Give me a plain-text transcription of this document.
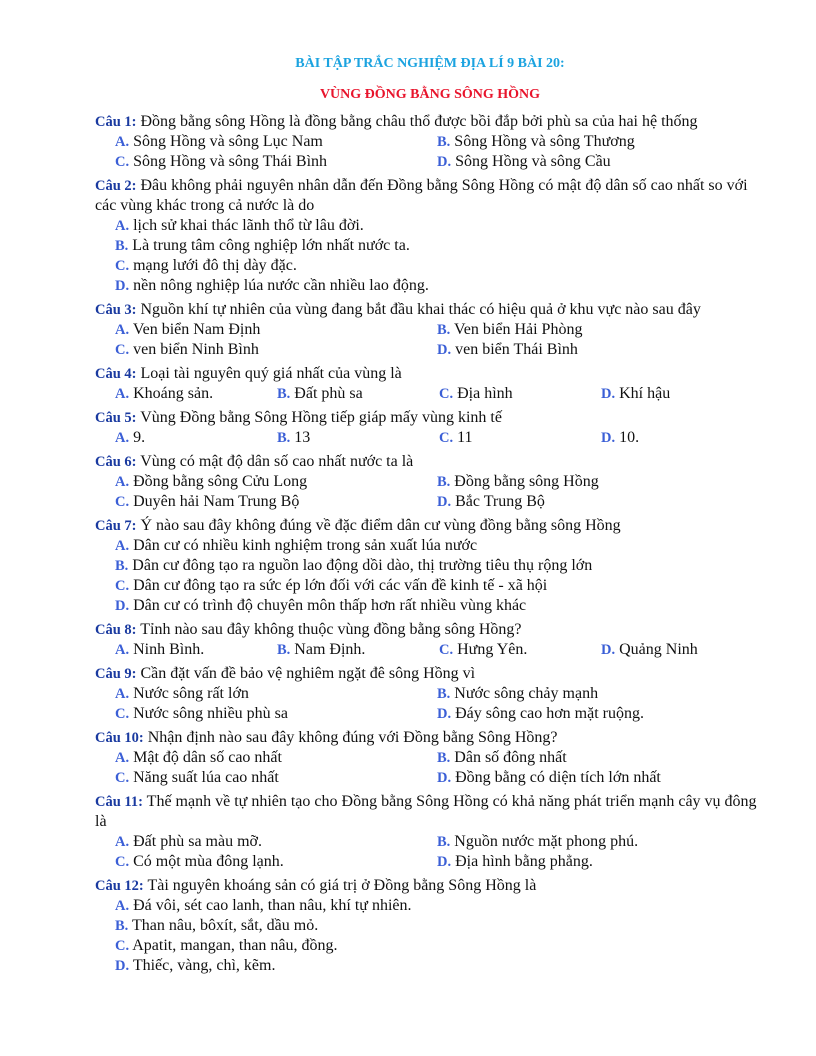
BÀI TẬP TRẮC NGHIỆM ĐỊA LÍ 9 BÀI 20:
VÙNG ĐỒNG BẰNG SÔNG HỒNG
Câu 1: Đồng bằng sông Hồng là đồng bằng châu thổ được bồi đắp bởi phù sa của hai hệ thống
A. Sông Hồng và sông Lục Nam	B. Sông Hồng và sông Thương
C. Sông Hồng và sông Thái Bình	D. Sông Hồng và sông Cầu
Câu 2: Đâu không phải nguyên nhân dẫn đến Đồng bằng Sông Hồng có mật độ dân số cao nhất so với các vùng khác trong cả nước là do
A. lịch sử khai thác lãnh thổ từ lâu đời.
B. Là trung tâm công nghiệp lớn nhất nước ta.
C. mạng lưới đô thị dày đặc.
D. nền nông nghiệp lúa nước cần nhiều lao động.
Câu 3: Nguồn khí tự nhiên của vùng đang bắt đầu khai thác có hiệu quả ở khu vực nào sau đây
A. Ven biển Nam Định	B. Ven biển Hải Phòng
C. ven biển Ninh Bình	D. ven biển Thái Bình
Câu 4: Loại tài nguyên quý giá nhất của vùng là
A. Khoáng sản.	B. Đất phù sa	C. Địa hình	D. Khí hậu
Câu 5: Vùng Đồng bằng Sông Hồng tiếp giáp mấy vùng kinh tế
A. 9.	B. 13	C. 11	D. 10.
Câu 6: Vùng có mật độ dân số cao nhất nước ta là
A. Đồng bằng sông Cửu Long	B. Đồng bằng sông Hồng
C. Duyên hải Nam Trung Bộ	D. Bắc Trung Bộ
Câu 7: Ý nào sau đây không đúng về đặc điểm dân cư vùng đồng bằng sông Hồng
A. Dân cư có nhiều kinh nghiệm trong sản xuất lúa nước
B. Dân cư đông tạo ra nguồn lao động dồi dào, thị trường tiêu thụ rộng lớn
C. Dân cư đông tạo ra sức ép lớn đối với các vấn đề kinh tế - xã hội
D. Dân cư có trình độ chuyên môn thấp hơn rất nhiều vùng khác
Câu 8: Tỉnh nào sau đây không thuộc vùng đồng bằng sông Hồng?
A. Ninh Bình.	B. Nam Định.	C. Hưng Yên.	D. Quảng Ninh
Câu 9: Cần đặt vấn đề bảo vệ nghiêm ngặt đê sông Hồng vì
A. Nước sông rất lớn	B. Nước sông chảy mạnh
C. Nước sông nhiều phù sa	D. Đáy sông cao hơn mặt ruộng.
Câu 10: Nhận định nào sau đây không đúng với Đồng bằng Sông Hồng?
A. Mật độ dân số cao nhất	B. Dân số đông nhất
C. Năng suất lúa cao nhất	D. Đồng bằng có diện tích lớn nhất
Câu 11: Thế mạnh về tự nhiên tạo cho Đồng bằng Sông Hồng có khả năng phát triển mạnh cây vụ đông là
A. Đất phù sa màu mỡ.	B. Nguồn nước mặt phong phú.
C. Có một mùa đông lạnh.	D. Địa hình bằng phẳng.
Câu 12: Tài nguyên khoáng sản có giá trị ở Đồng bằng Sông Hồng là
A. Đá vôi, sét cao lanh, than nâu, khí tự nhiên.
B. Than nâu, bôxít, sắt, dầu mỏ.
C. Apatit, mangan, than nâu, đồng.
D. Thiếc, vàng, chì, kẽm.
